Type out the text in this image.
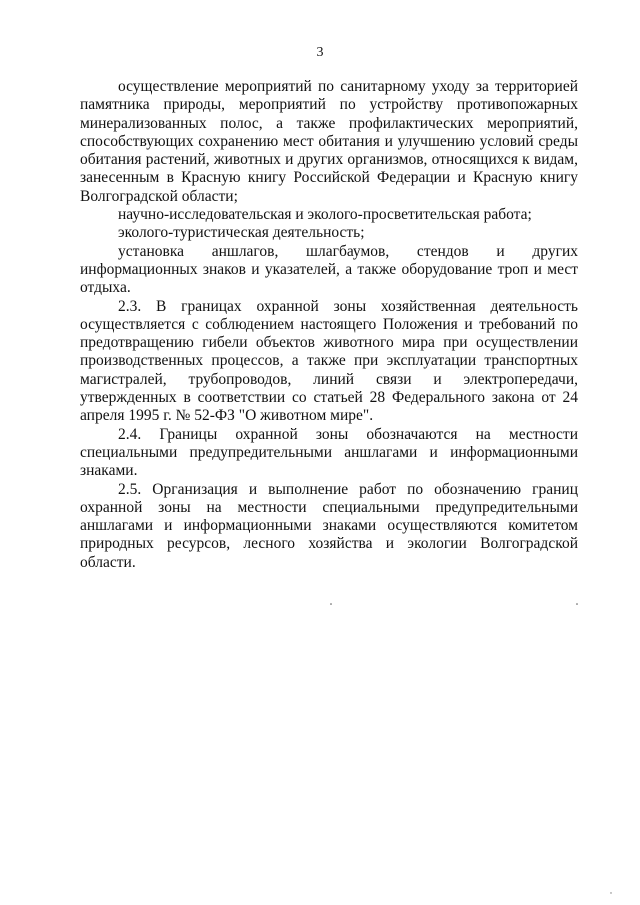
3

осуществление мероприятий по санитарному уходу за территорией памятника природы, мероприятий по устройству противопожарных минерализованных полос, а также профилактических мероприятий, способствующих сохранению мест обитания и улучшению условий среды обитания растений, животных и других организмов, относящихся к видам, занесенным в Красную книгу Российской Федерации и Красную книгу Волгоградской области;

научно-исследовательская и эколого-просветительская работа;

эколого-туристическая деятельность;

установка аншлагов, шлагбаумов, стендов и других информационных знаков и указателей, а также оборудование троп и мест отдыха.

2.3. В границах охранной зоны хозяйственная деятельность осуществляется с соблюдением настоящего Положения и требований по предотвращению гибели объектов животного мира при осуществлении производственных процессов, а также при эксплуатации транспортных магистралей, трубопроводов, линий связи и электропередачи, утвержденных в соответствии со статьей 28 Федерального закона от 24 апреля 1995 г. № 52-ФЗ "О животном мире".

2.4. Границы охранной зоны обозначаются на местности специальными предупредительными аншлагами и информационными знаками.

2.5. Организация и выполнение работ по обозначению границ охранной зоны на местности специальными предупредительными аншлагами и информационными знаками осуществляются комитетом природных ресурсов, лесного хозяйства и экологии Волгоградской области.
